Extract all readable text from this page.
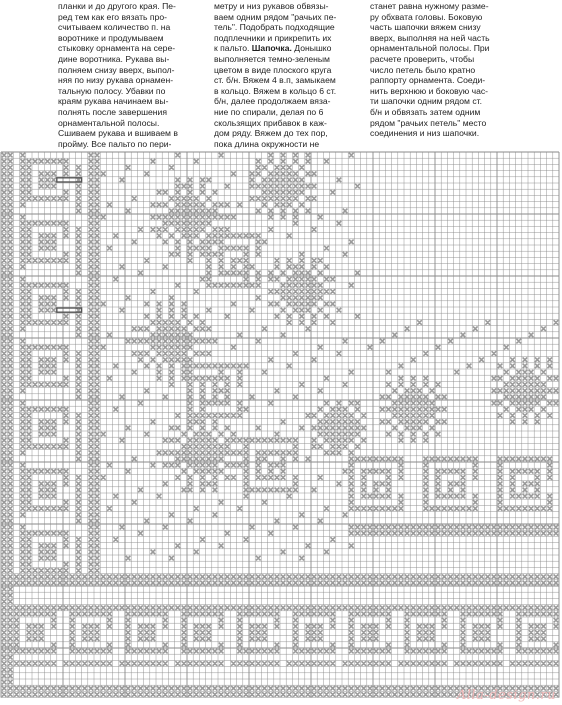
планки и до другого края. Пе-
ред тем как его вязать про-
считываем количество п. на
воротнике и продумываем
стыковку орнамента на сере-
дине воротника. Рукава вы-
полняем снизу вверх, выпол-
няя по низу рукава орнамен-
тальную полосу. Убавки по
краям рукава начинаем вы-
полнять после завершения
орнаментальной полосы.
Сшиваем рукава и вшиваем в
пройму. Все пальто по пери-
метру и низ рукавов обвязы-
ваем одним рядом "рачьих пе-
тель". Подобрать подходящие
подплечники и прикрепить их
к пальто. Шапочка. Донышко
выполняется темно-зеленым
цветом в виде плоского круга
ст. б/н. Вяжем 4 в.п, замыкаем
в кольцо. Вяжем в кольцо 6 ст.
б/н, далее продолжаем вязa-
ние по спирали, делая по 6
скользящих прибавок в каж-
дом ряду. Вяжем до тех пор,
пока длина окружности не
станет равна нужному разме-
ру обхвата головы. Боковую
часть шапочки вяжем снизу
вверх, выполняя на ней часть
орнаментальной полосы. При
расчете проверить, чтобы
число петель было кратно
раппорту орнамента. Соеди-
нить верхнюю и боковую час-
ти шапочки одним рядом ст.
б/н и обвязать затем одним
рядом "рачьих петель" место
соединения и низ шапочки.
Alla-design.ru
